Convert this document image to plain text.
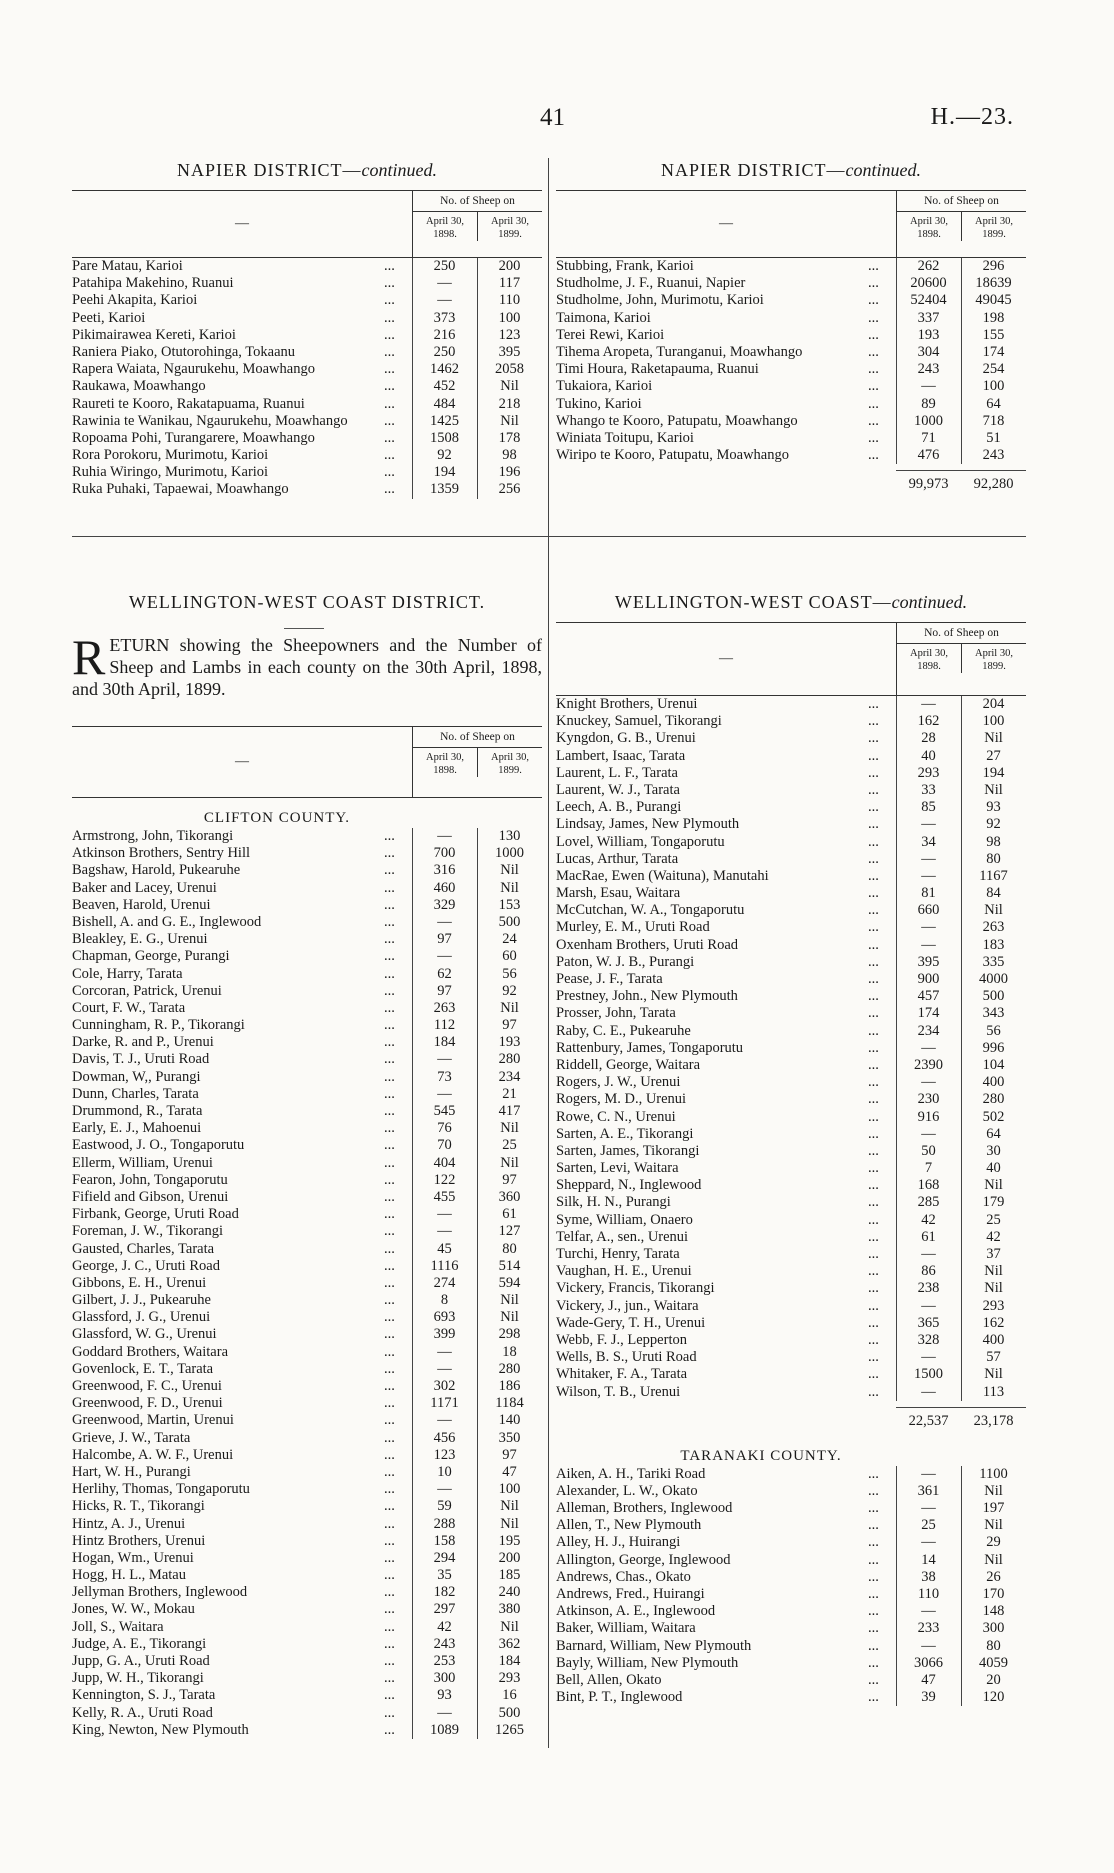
41	H.—23.
NAPIER DISTRICT—continued.
—
No. of Sheep on
April 30, 1898.
April 30, 1899.
Pare Matau, Karioi	...	250	200
Patahipa Makehino, Ruanui	...	—	117
Peehi Akapita, Karioi	...	—	110
Peeti, Karioi	...	373	100
Pikimairawea Kereti, Karioi	...	216	123
Raniera Piako, Otutorohinga, Tokaanu	...	250	395
Rapera Waiata, Ngaurukehu, Moawhango	...	1462	2058
Raukawa, Moawhango	...	452	Nil
Raureti te Kooro, Rakatapuama, Ruanui	...	484	218
Rawinia te Wanikau, Ngaurukehu, Moawhango	...	1425	Nil
Ropoama Pohi, Turangarere, Moawhango	...	1508	178
Rora Porokoru, Murimotu, Karioi	...	92	98
Ruhia Wiringo, Murimotu, Karioi	...	194	196
Ruka Puhaki, Tapaewai, Moawhango	...	1359	256
NAPIER DISTRICT—continued.
—
No. of Sheep on
April 30, 1898.
April 30, 1899.
Stubbing, Frank, Karioi	...	262	296
Studholme, J. F., Ruanui, Napier	...	20600	18639
Studholme, John, Murimotu, Karioi	...	52404	49045
Taimona, Karioi	...	337	198
Terei Rewi, Karioi	...	193	155
Tihema Aropeta, Turanganui, Moawhango	...	304	174
Timi Houra, Raketapauma, Ruanui	...	243	254
Tukaiora, Karioi	...	—	100
Tukino, Karioi	...	89	64
Whango te Kooro, Patupatu, Moawhango	...	1000	718
Winiata Toitupu, Karioi	...	71	51
Wiripo te Kooro, Patupatu, Moawhango	...	476	243
99,973	92,280
WELLINGTON-WEST COAST DISTRICT.
RETURN showing the Sheepowners and the Number of Sheep and Lambs in each county on the 30th April, 1898, and 30th April, 1899.
—
No. of Sheep on
April 30, 1898.
April 30, 1899.
CLIFTON COUNTY.
Armstrong, John, Tikorangi	...	—	130
Atkinson Brothers, Sentry Hill	...	700	1000
Bagshaw, Harold, Pukearuhe	...	316	Nil
Baker and Lacey, Urenui	...	460	Nil
Beaven, Harold, Urenui	...	329	153
Bishell, A. and G. E., Inglewood	...	—	500
Bleakley, E. G., Urenui	...	97	24
Chapman, George, Purangi	...	—	60
Cole, Harry, Tarata	...	62	56
Corcoran, Patrick, Urenui	...	97	92
Court, F. W., Tarata	...	263	Nil
Cunningham, R. P., Tikorangi	...	112	97
Darke, R. and P., Urenui	...	184	193
Davis, T. J., Uruti Road	...	—	280
Dowman, W,, Purangi	...	73	234
Dunn, Charles, Tarata	...	—	21
Drummond, R., Tarata	...	545	417
Early, E. J., Mahoenui	...	76	Nil
Eastwood, J. O., Tongaporutu	...	70	25
Ellerm, William, Urenui	...	404	Nil
Fearon, John, Tongaporutu	...	122	97
Fifield and Gibson, Urenui	...	455	360
Firbank, George, Uruti Road	...	—	61
Foreman, J. W., Tikorangi	...	—	127
Gausted, Charles, Tarata	...	45	80
George, J. C., Uruti Road	...	1116	514
Gibbons, E. H., Urenui	...	274	594
Gilbert, J. J., Pukearuhe	...	8	Nil
Glassford, J. G., Urenui	...	693	Nil
Glassford, W. G., Urenui	...	399	298
Goddard Brothers, Waitara	...	—	18
Govenlock, E. T., Tarata	...	—	280
Greenwood, F. C., Urenui	...	302	186
Greenwood, F. D., Urenui	...	1171	1184
Greenwood, Martin, Urenui	...	—	140
Grieve, J. W., Tarata	...	456	350
Halcombe, A. W. F., Urenui	...	123	97
Hart, W. H., Purangi	...	10	47
Herlihy, Thomas, Tongaporutu	...	—	100
Hicks, R. T., Tikorangi	...	59	Nil
Hintz, A. J., Urenui	...	288	Nil
Hintz Brothers, Urenui	...	158	195
Hogan, Wm., Urenui	...	294	200
Hogg, H. L., Matau	...	35	185
Jellyman Brothers, Inglewood	...	182	240
Jones, W. W., Mokau	...	297	380
Joll, S., Waitara	...	42	Nil
Judge, A. E., Tikorangi	...	243	362
Jupp, G. A., Uruti Road	...	253	184
Jupp, W. H., Tikorangi	...	300	293
Kennington, S. J., Tarata	...	93	16
Kelly, R. A., Uruti Road	...	—	500
King, Newton, New Plymouth	...	1089	1265
WELLINGTON-WEST COAST—continued.
—
No. of Sheep on
April 30, 1898.
April 30, 1899.
Knight Brothers, Urenui	...	—	204
Knuckey, Samuel, Tikorangi	...	162	100
Kyngdon, G. B., Urenui	...	28	Nil
Lambert, Isaac, Tarata	...	40	27
Laurent, L. F., Tarata	...	293	194
Laurent, W. J., Tarata	...	33	Nil
Leech, A. B., Purangi	...	85	93
Lindsay, James, New Plymouth	...	—	92
Lovel, William, Tongaporutu	...	34	98
Lucas, Arthur, Tarata	...	—	80
MacRae, Ewen (Waituna), Manutahi	...	—	1167
Marsh, Esau, Waitara	...	81	84
McCutchan, W. A., Tongaporutu	...	660	Nil
Murley, E. M., Uruti Road	...	—	263
Oxenham Brothers, Uruti Road	...	—	183
Paton, W. J. B., Purangi	...	395	335
Pease, J. F., Tarata	...	900	4000
Prestney, John., New Plymouth	...	457	500
Prosser, John, Tarata	...	174	343
Raby, C. E., Pukearuhe	...	234	56
Rattenbury, James, Tongaporutu	...	—	996
Riddell, George, Waitara	...	2390	104
Rogers, J. W., Urenui	...	—	400
Rogers, M. D., Urenui	...	230	280
Rowe, C. N., Urenui	...	916	502
Sarten, A. E., Tikorangi	...	—	64
Sarten, James, Tikorangi	...	50	30
Sarten, Levi, Waitara	...	7	40
Sheppard, N., Inglewood	...	168	Nil
Silk, H. N., Purangi	...	285	179
Syme, William, Onaero	...	42	25
Telfar, A., sen., Urenui	...	61	42
Turchi, Henry, Tarata	...	—	37
Vaughan, H. E., Urenui	...	86	Nil
Vickery, Francis, Tikorangi	...	238	Nil
Vickery, J., jun., Waitara	...	—	293
Wade-Gery, T. H., Urenui	...	365	162
Webb, F. J., Lepperton	...	328	400
Wells, B. S., Uruti Road	...	—	57
Whitaker, F. A., Tarata	...	1500	Nil
Wilson, T. B., Urenui	...	—	113
22,537	23,178
TARANAKI COUNTY.
Aiken, A. H., Tariki Road	...	—	1100
Alexander, L. W., Okato	...	361	Nil
Alleman, Brothers, Inglewood	...	—	197
Allen, T., New Plymouth	...	25	Nil
Alley, H. J., Huirangi	...	—	29
Allington, George, Inglewood	...	14	Nil
Andrews, Chas., Okato	...	38	26
Andrews, Fred., Huirangi	...	110	170
Atkinson, A. E., Inglewood	...	—	148
Baker, William, Waitara	...	233	300
Barnard, William, New Plymouth	...	—	80
Bayly, William, New Plymouth	...	3066	4059
Bell, Allen, Okato	...	47	20
Bint, P. T., Inglewood	...	39	120
